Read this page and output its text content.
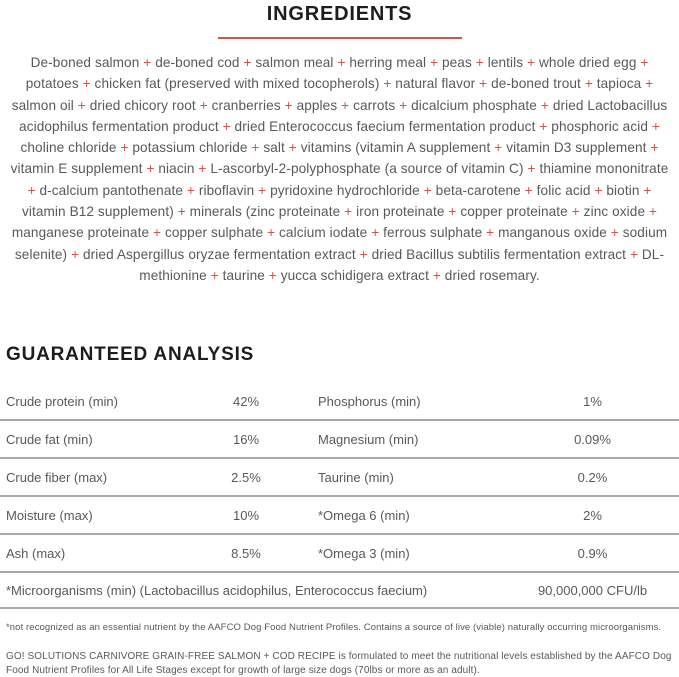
INGREDIENTS

De-boned salmon + de-boned cod + salmon meal + herring meal + peas + lentils + whole dried egg + potatoes + chicken fat (preserved with mixed tocopherols) + natural flavor + de-boned trout + tapioca + salmon oil + dried chicory root + cranberries + apples + carrots + dicalcium phosphate + dried Lactobacillus acidophilus fermentation product + dried Enterococcus faecium fermentation product + phosphoric acid + choline chloride + potassium chloride + salt + vitamins (vitamin A supplement + vitamin D3 supplement + vitamin E supplement + niacin + L-ascorbyl-2-polyphosphate (a source of vitamin C) + thiamine mononitrate + d-calcium pantothenate + riboflavin + pyridoxine hydrochloride + beta-carotene + folic acid + biotin + vitamin B12 supplement) + minerals (zinc proteinate + iron proteinate + copper proteinate + zinc oxide + manganese proteinate + copper sulphate + calcium iodate + ferrous sulphate + manganous oxide + sodium selenite) + dried Aspergillus oryzae fermentation extract + dried Bacillus subtilis fermentation extract + DL-methionine + taurine + yucca schidigera extract + dried rosemary.

GUARANTEED ANALYSIS
Crude protein (min)	42%	Phosphorus (min)	1%
Crude fat (min)	16%	Magnesium (min)	0.09%
Crude fiber (max)	2.5%	Taurine (min)	0.2%
Moisture (max)	10%	*Omega 6 (min)	2%
Ash (max)	8.5%	*Omega 3 (min)	0.9%
*Microorganisms (min) (Lactobacillus acidophilus, Enterococcus faecium)	90,000,000 CFU/lb

*not recognized as an essential nutrient by the AAFCO Dog Food Nutrient Profiles. Contains a source of live (viable) naturally occurring microorganisms.

GO! SOLUTIONS CARNIVORE GRAIN-FREE SALMON + COD RECIPE is formulated to meet the nutritional levels established by the AAFCO Dog Food Nutrient Profiles for All Life Stages except for growth of large size dogs (70lbs or more as an adult).
